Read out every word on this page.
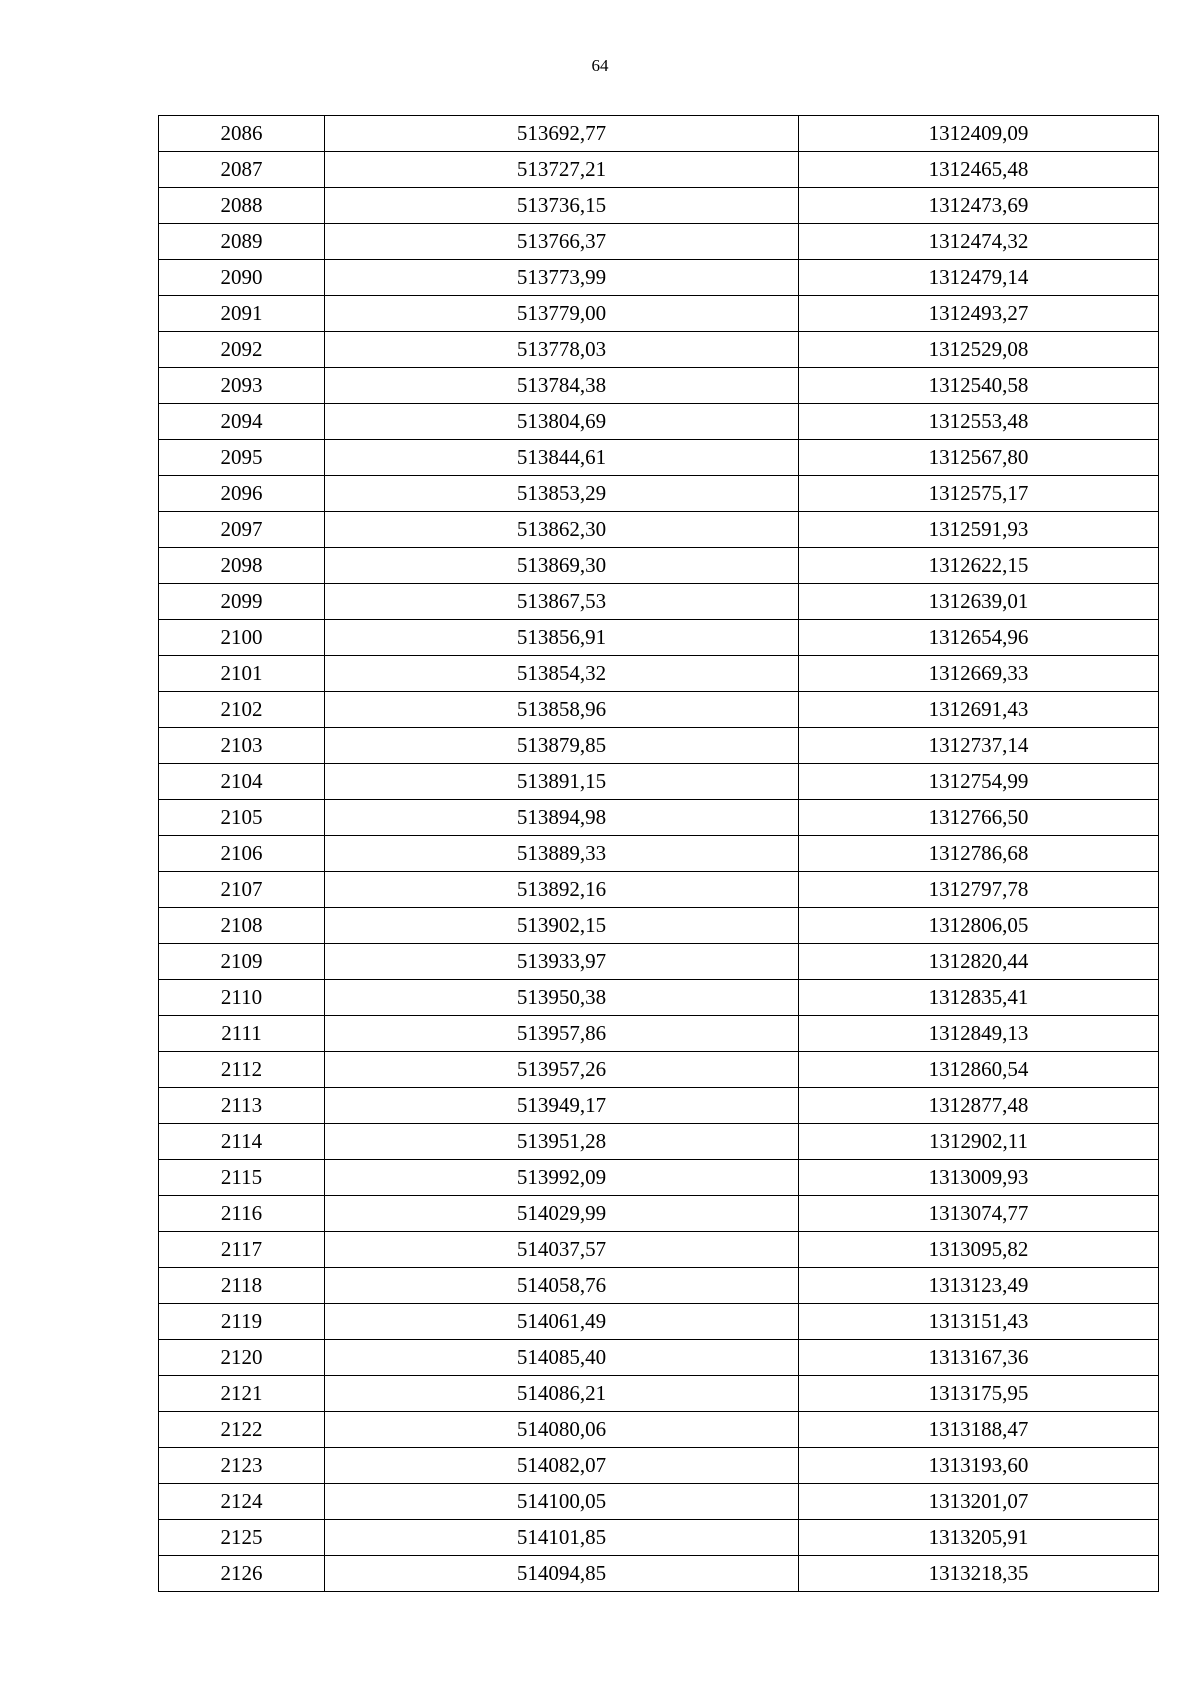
64
2086	513692,77	1312409,09
2087	513727,21	1312465,48
2088	513736,15	1312473,69
2089	513766,37	1312474,32
2090	513773,99	1312479,14
2091	513779,00	1312493,27
2092	513778,03	1312529,08
2093	513784,38	1312540,58
2094	513804,69	1312553,48
2095	513844,61	1312567,80
2096	513853,29	1312575,17
2097	513862,30	1312591,93
2098	513869,30	1312622,15
2099	513867,53	1312639,01
2100	513856,91	1312654,96
2101	513854,32	1312669,33
2102	513858,96	1312691,43
2103	513879,85	1312737,14
2104	513891,15	1312754,99
2105	513894,98	1312766,50
2106	513889,33	1312786,68
2107	513892,16	1312797,78
2108	513902,15	1312806,05
2109	513933,97	1312820,44
2110	513950,38	1312835,41
2111	513957,86	1312849,13
2112	513957,26	1312860,54
2113	513949,17	1312877,48
2114	513951,28	1312902,11
2115	513992,09	1313009,93
2116	514029,99	1313074,77
2117	514037,57	1313095,82
2118	514058,76	1313123,49
2119	514061,49	1313151,43
2120	514085,40	1313167,36
2121	514086,21	1313175,95
2122	514080,06	1313188,47
2123	514082,07	1313193,60
2124	514100,05	1313201,07
2125	514101,85	1313205,91
2126	514094,85	1313218,35
